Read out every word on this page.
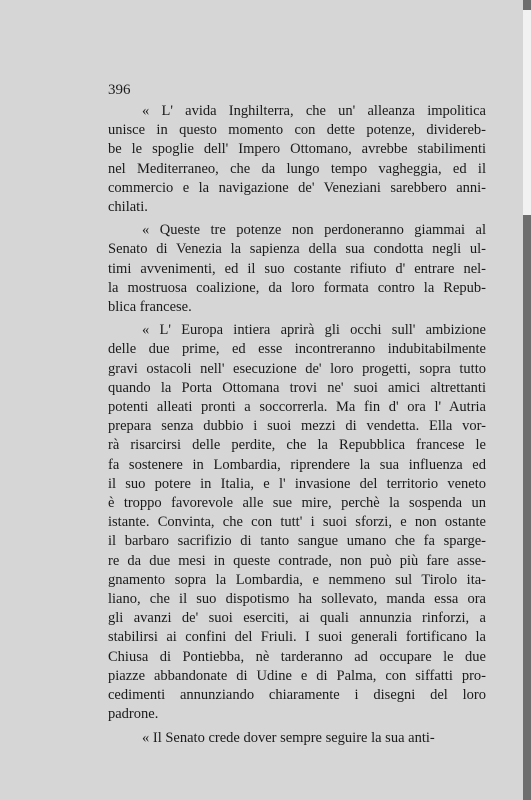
396
« L' avida Inghilterra, che un' alleanza impolitica
unisce in questo momento con dette potenze, dividereb-
be le spoglie dell' Impero Ottomano, avrebbe stabilimenti
nel Mediterraneo, che da lungo tempo vagheggia, ed il
commercio e la navigazione de' Veneziani sarebbero anni-
chilati.
« Queste tre potenze non perdoneranno giammai al
Senato di Venezia la sapienza della sua condotta negli ul-
timi avvenimenti, ed il suo costante rifiuto d' entrare nel-
la mostruosa coalizione, da loro formata contro la Repub-
blica francese.
« L' Europa intiera aprirà gli occhi sull' ambizione
delle due prime, ed esse incontreranno indubitabilmente
gravi ostacoli nell' esecuzione de' loro progetti, sopra tutto
quando la Porta Ottomana trovi ne' suoi amici altrettanti
potenti alleati pronti a soccorrerla. Ma fin d' ora l' Autria
prepara senza dubbio i suoi mezzi di vendetta. Ella vor-
rà risarcirsi delle perdite, che la Repubblica francese le
fa sostenere in Lombardia, riprendere la sua influenza ed
il suo potere in Italia, e l' invasione del territorio veneto
è troppo favorevole alle sue mire, perchè la sospenda un
istante. Convinta, che con tutt' i suoi sforzi, e non ostante
il barbaro sacrifizio di tanto sangue umano che fa sparge-
re da due mesi in queste contrade, non può più fare asse-
gnamento sopra la Lombardia, e nemmeno sul Tirolo ita-
liano, che il suo dispotismo ha sollevato, manda essa ora
gli avanzi de' suoi eserciti, ai quali annunzia rinforzi, a
stabilirsi ai confini del Friuli. I suoi generali fortificano la
Chiusa di Pontiebba, nè tarderanno ad occupare le due
piazze abbandonate di Udine e di Palma, con siffatti pro-
cedimenti annunziando chiaramente i disegni del loro
padrone.
« Il Senato crede dover sempre seguire la sua anti-
